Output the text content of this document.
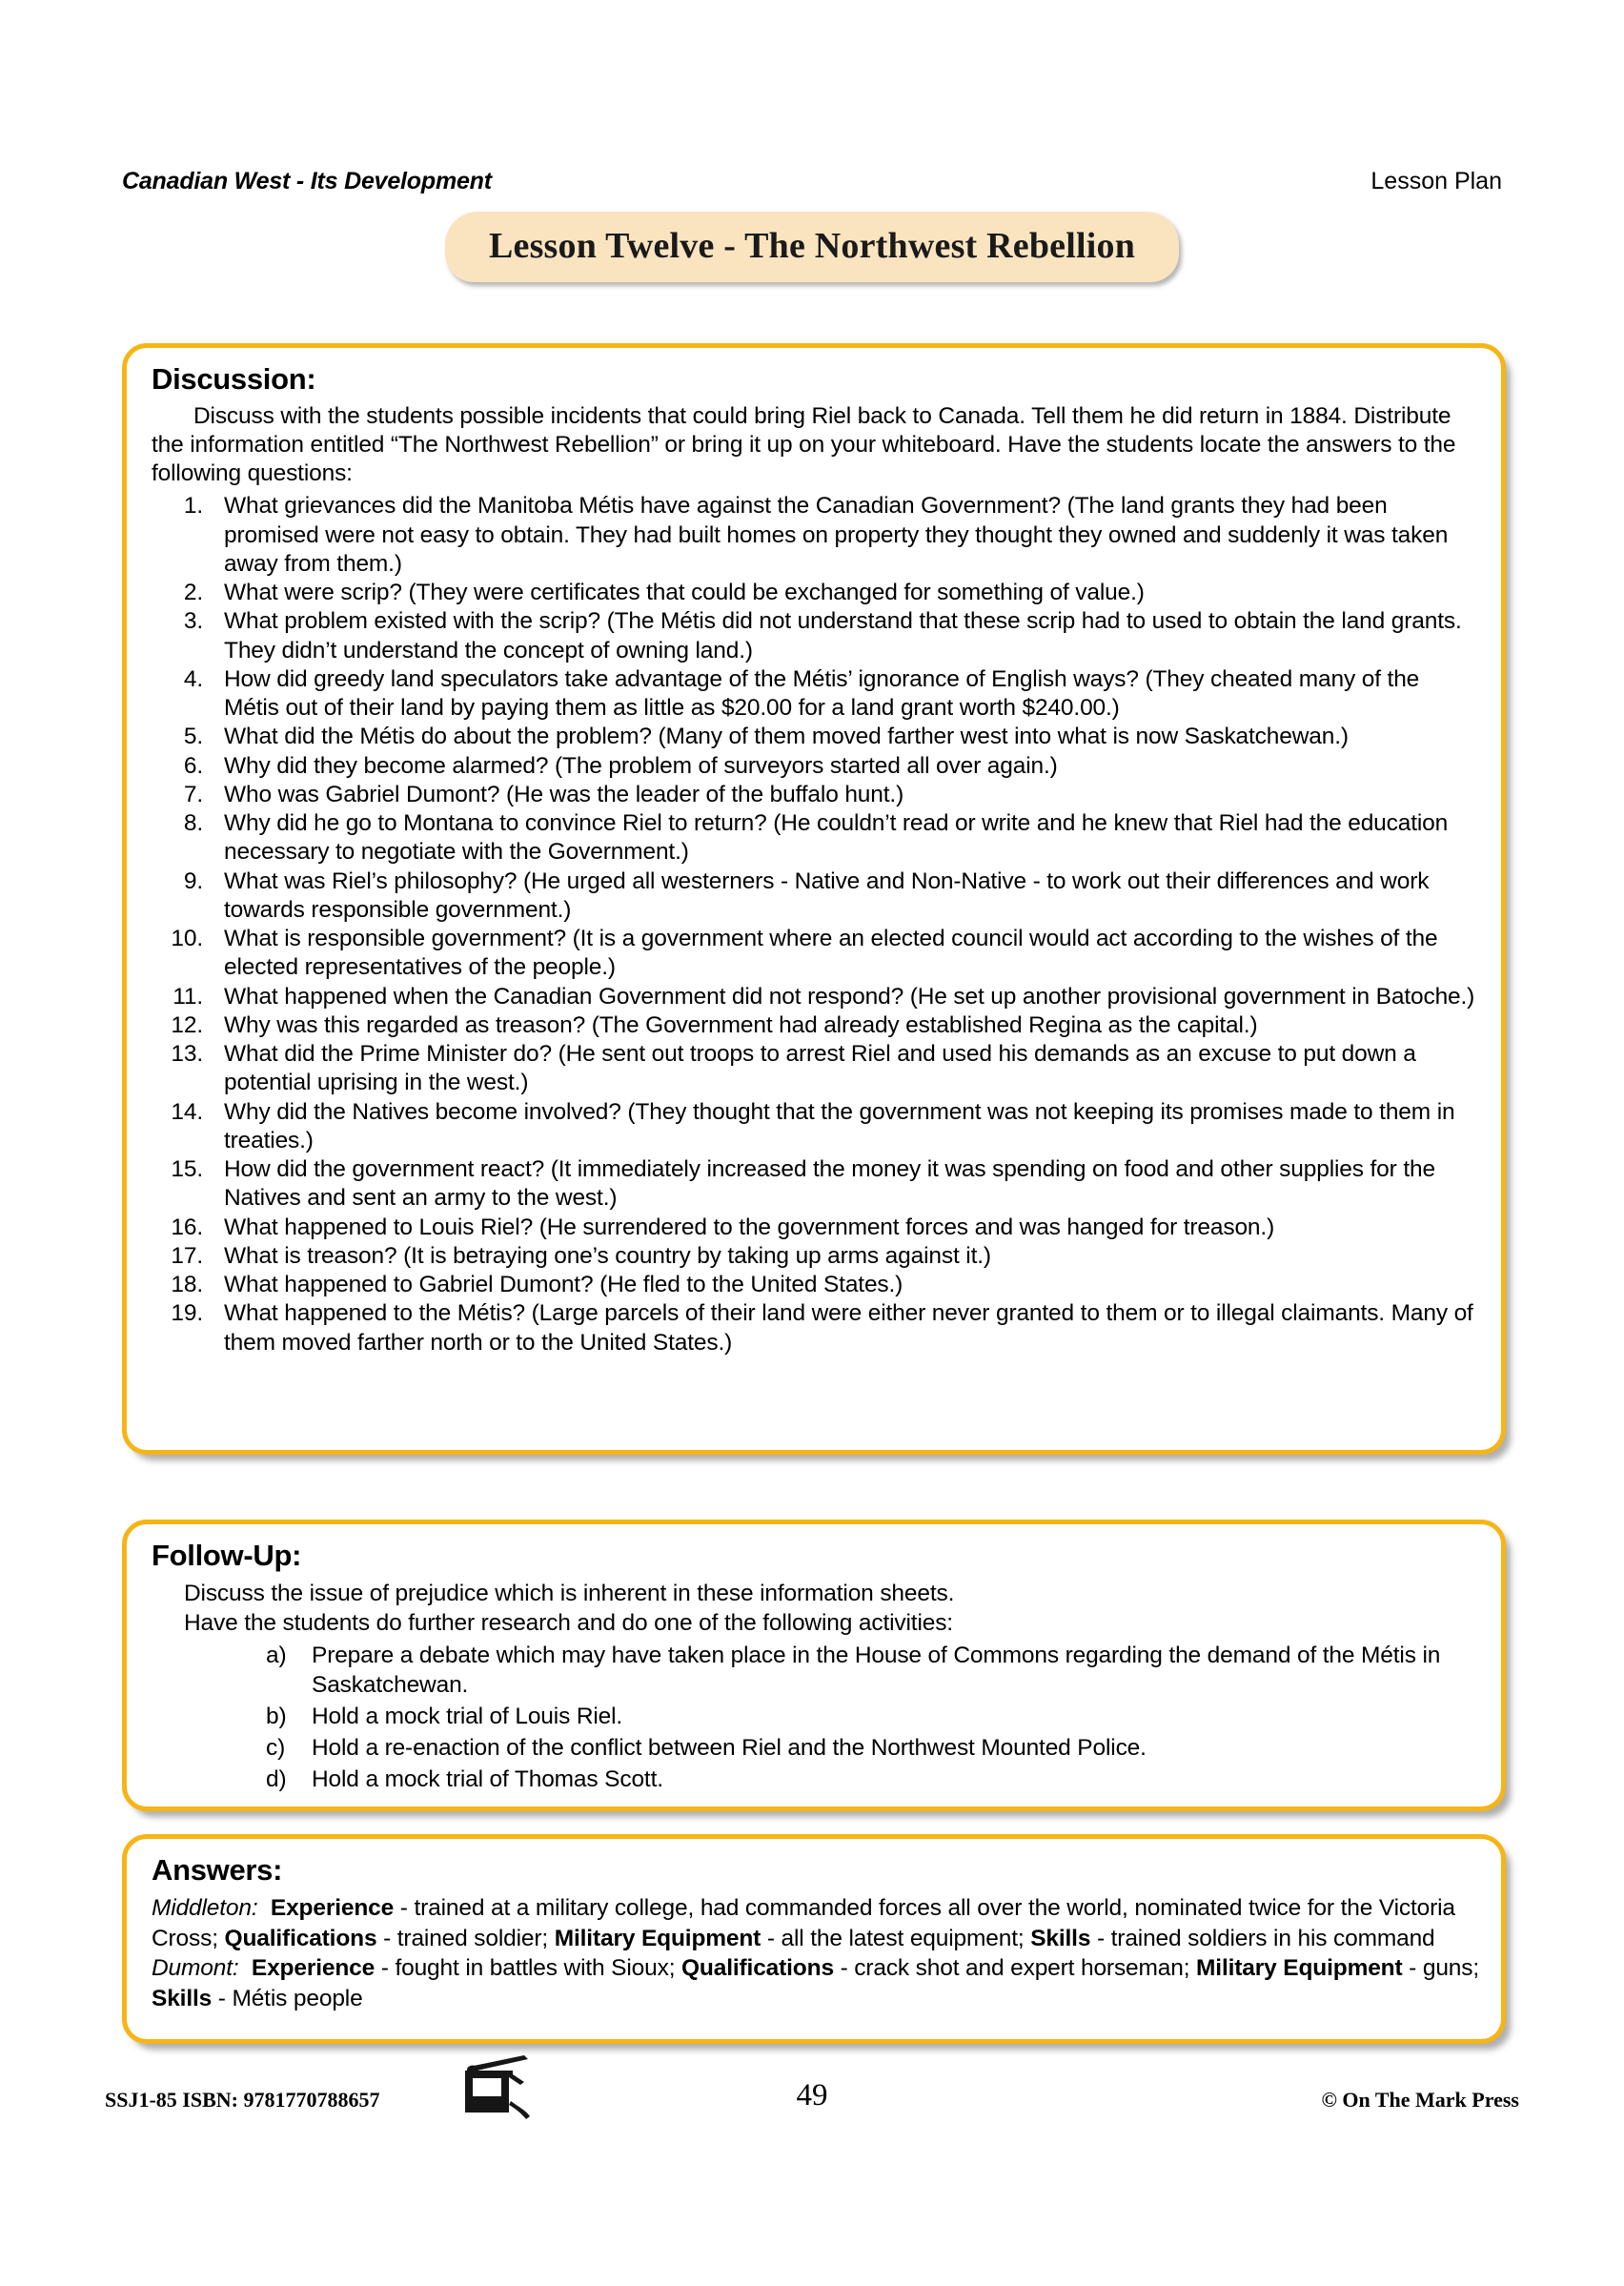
Canadian West - Its Development	Lesson Plan
Lesson Twelve - The Northwest Rebellion
Discussion:

Discuss with the students possible incidents that could bring Riel back to Canada. Tell them he did return in 1884. Distribute the information entitled “The Northwest Rebellion” or bring it up on your whiteboard. Have the students locate the answers to the following questions:

1. What grievances did the Manitoba Métis have against the Canadian Government? (The land grants they had been promised were not easy to obtain. They had built homes on property they thought they owned and suddenly it was taken away from them.)
2. What were scrip? (They were certificates that could be exchanged for something of value.)
3. What problem existed with the scrip? (The Métis did not understand that these scrip had to used to obtain the land grants. They didn’t understand the concept of owning land.)
4. How did greedy land speculators take advantage of the Métis’ ignorance of English ways? (They cheated many of the Métis out of their land by paying them as little as $20.00 for a land grant worth $240.00.)
5. What did the Métis do about the problem? (Many of them moved farther west into what is now Saskatchewan.)
6. Why did they become alarmed? (The problem of surveyors started all over again.)
7. Who was Gabriel Dumont? (He was the leader of the buffalo hunt.)
8. Why did he go to Montana to convince Riel to return? (He couldn’t read or write and he knew that Riel had the education necessary to negotiate with the Government.)
9. What was Riel’s philosophy? (He urged all westerners - Native and Non-Native - to work out their differences and work towards responsible government.)
10. What is responsible government? (It is a government where an elected council would act according to the wishes of the elected representatives of the people.)
11. What happened when the Canadian Government did not respond? (He set up another provisional government in Batoche.)
12. Why was this regarded as treason? (The Government had already established Regina as the capital.)
13. What did the Prime Minister do? (He sent out troops to arrest Riel and used his demands as an excuse to put down a potential uprising in the west.)
14. Why did the Natives become involved? (They thought that the government was not keeping its promises made to them in treaties.)
15. How did the government react? (It immediately increased the money it was spending on food and other supplies for the Natives and sent an army to the west.)
16. What happened to Louis Riel? (He surrendered to the government forces and was hanged for treason.)
17. What is treason? (It is betraying one’s country by taking up arms against it.)
18. What happened to Gabriel Dumont? (He fled to the United States.)
19. What happened to the Métis? (Large parcels of their land were either never granted to them or to illegal claimants. Many of them moved farther north or to the United States.)
Follow-Up:
Discuss the issue of prejudice which is inherent in these information sheets.
Have the students do further research and do one of the following activities:
a)	Prepare a debate which may have taken place in the House of Commons regarding the demand of the Métis in Saskatchewan.
b)	Hold a mock trial of Louis Riel.
c)	Hold a re-enaction of the conflict between Riel and the Northwest Mounted Police.
d)	Hold a mock trial of Thomas Scott.
Answers:

Middleton: Experience - trained at a military college, had commanded forces all over the world, nominated twice for the Victoria Cross; Qualifications - trained soldier; Military Equipment - all the latest equipment; Skills - trained soldiers in his command

Dumont: Experience - fought in battles with Sioux; Qualifications - crack shot and expert horseman; Military Equipment - guns; Skills - Métis people

SSJ1-85 ISBN: 9781770788657	49	© On The Mark Press
